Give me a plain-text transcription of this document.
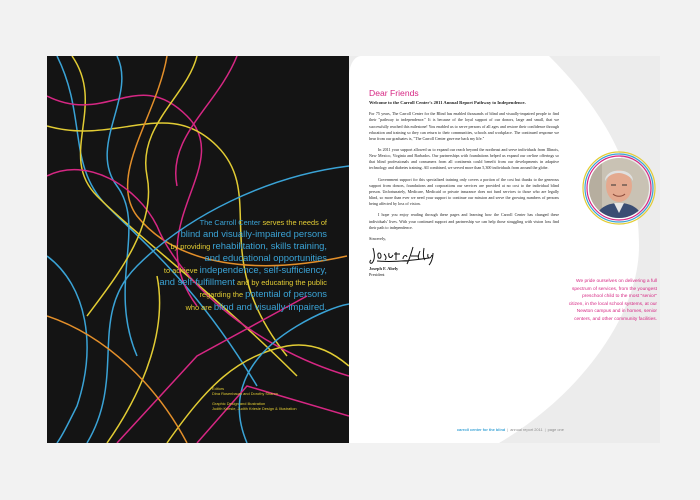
The Carroll Center serves the needs of
blind and visually-impaired persons
by providing rehabilitation, skills training,
and educational opportunities
to achieve independence, self-sufficiency,
and self-fulfillment and by educating the public
regarding the potential of persons
who are blind and visually-impaired.
Editors
Dina Rosenbaum and Dorothy Sharon
Graphic Design and Illustration
Judith Kriesle, Judith Kriesle Design & Illustration
Dear Friends
Welcome to the Carroll Center's 2011 Annual Report Pathway to Independence.

For 75 years, The Carroll Center for the Blind has enabled thousands of blind and visually-impaired people to find their "pathway to independence." It is because of the loyal support of our donors, large and small, that we successfully reached this milestone! You enabled us to serve persons of all ages and restore their confidence through education and training so they can return to their communities, schools and workplace. The continued response we hear from our graduates is, "The Carroll Center gave me back my life."

In 2011 your support allowed us to expand our reach beyond the northeast and serve individuals from Illinois, New Mexico, Virginia and Barbados. Our partnerships with foundations helped us expand our on-line offerings so that blind professionals and consumers from all continents could benefit from our developments in adaptive technology and diabetes training. All combined, we served more than 5,300 individuals from around the globe.

Government support for this specialized training only covers a portion of the cost but thanks to the generous support from donors, foundations and corporations our services are provided at no cost to the individual blind person. Unfortunately, Medicare, Medicaid or private insurance does not fund services to those who are legally blind, so more than ever we need your support to continue our mission and serve the growing numbers of persons being affected by loss of vision.

I hope you enjoy reading through these pages and learning how the Carroll Center has changed these individuals' lives. With your continued support and partnership we can help those struggling with vision loss find their path to independence.

Sincerely,
Joseph F. Abely
President
We pride ourselves on delivering a full spectrum of services, from the youngest preschool child to the most "senior" citizen, in the local school systems, at our Newton campus and in homes, senior centers, and other community facilities.
carroll center for the blind | annual report 2011 | page one
